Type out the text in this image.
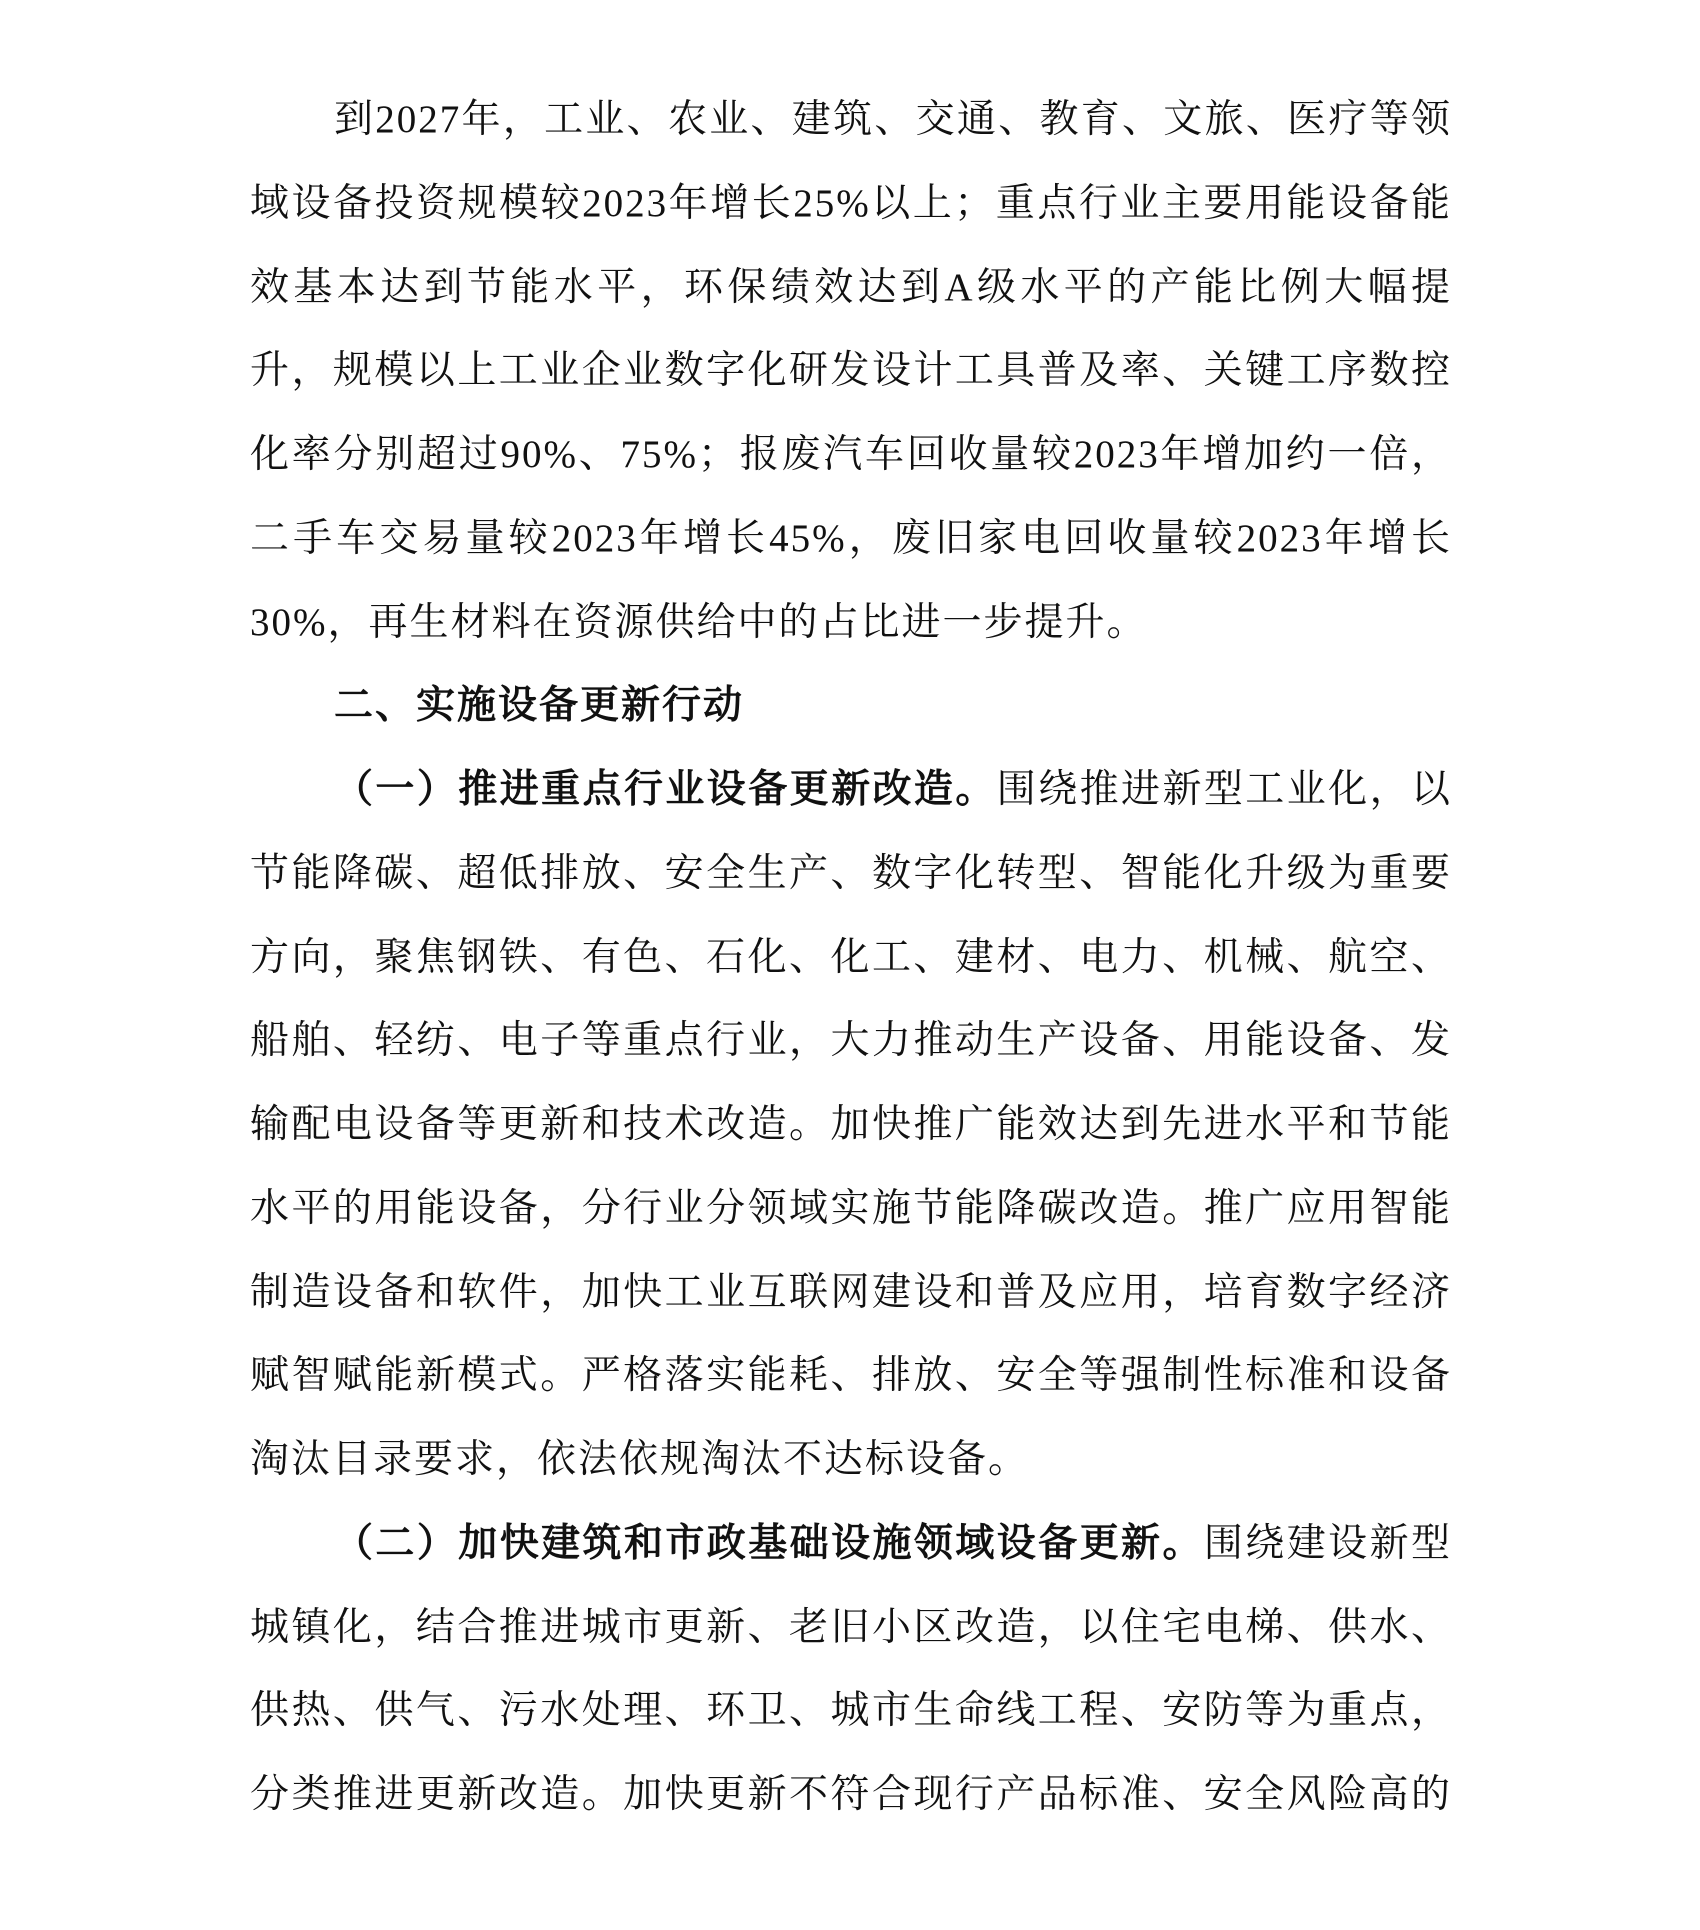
到2027年，工业、农业、建筑、交通、教育、文旅、医疗等领
域设备投资规模较2023年增长25%以上；重点行业主要用能设备能
效基本达到节能水平，环保绩效达到A级水平的产能比例大幅提
升，规模以上工业企业数字化研发设计工具普及率、关键工序数控
化率分别超过90%、75%；报废汽车回收量较2023年增加约一倍，
二手车交易量较2023年增长45%，废旧家电回收量较2023年增长
30%，再生材料在资源供给中的占比进一步提升。
二、实施设备更新行动
（一）推进重点行业设备更新改造。围绕推进新型工业化，以
节能降碳、超低排放、安全生产、数字化转型、智能化升级为重要
方向，聚焦钢铁、有色、石化、化工、建材、电力、机械、航空、
船舶、轻纺、电子等重点行业，大力推动生产设备、用能设备、发
输配电设备等更新和技术改造。加快推广能效达到先进水平和节能
水平的用能设备，分行业分领域实施节能降碳改造。推广应用智能
制造设备和软件，加快工业互联网建设和普及应用，培育数字经济
赋智赋能新模式。严格落实能耗、排放、安全等强制性标准和设备
淘汰目录要求，依法依规淘汰不达标设备。
（二）加快建筑和市政基础设施领域设备更新。围绕建设新型
城镇化，结合推进城市更新、老旧小区改造，以住宅电梯、供水、
供热、供气、污水处理、环卫、城市生命线工程、安防等为重点，
分类推进更新改造。加快更新不符合现行产品标准、安全风险高的
